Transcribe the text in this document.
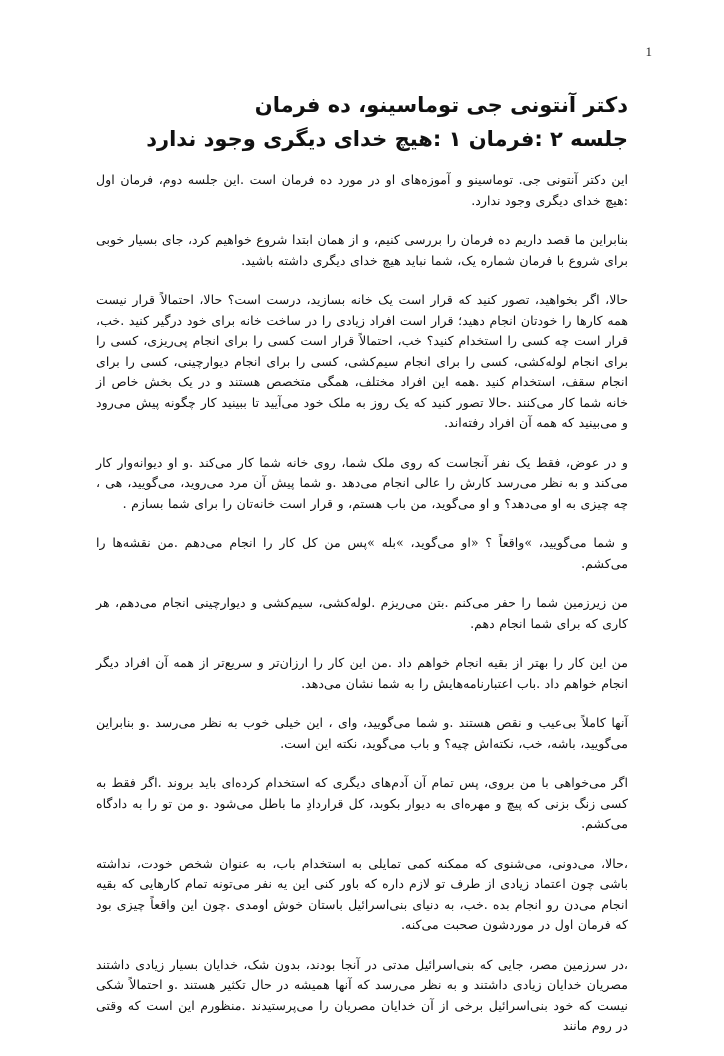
1
دکتر آنتونی جی توماسینو، ده فرمان
جلسه ۲ :فرمان ۱ :هیچ خدای دیگری وجود ندارد

این دکتر آنتونی جی. توماسینو و آموزه‌های او در مورد ده فرمان است .این جلسه دوم، فرمان اول :هیچ خدای دیگری وجود ندارد.

بنابراین ما قصد داریم ده فرمان را بررسی کنیم، و از همان ابتدا شروع خواهیم کرد، جای بسیار خوبی برای شروع با فرمان شماره یک، شما نباید هیچ خدای دیگری داشته باشید.

حالا، اگر بخواهید، تصور کنید که قرار است یک خانه بسازید، درست است؟ حالا، احتمالاً قرار نیست همه کارها را خودتان انجام دهید؛ قرار است افراد زیادی را در ساخت خانه برای خود درگیر کنید .خب، قرار است چه کسی را استخدام کنید؟ خب، احتمالاً قرار است کسی را برای انجام پی‌ریزی، کسی را برای انجام لوله‌کشی، کسی را برای انجام سیم‌کشی، کسی را برای انجام دیوارچینی، کسی را برای انجام سقف، استخدام کنید .همه این افراد مختلف، همگی متخصص هستند و در یک بخش خاص از خانه شما کار می‌کنند .حالا تصور کنید که یک روز به ملک خود می‌آیید تا ببینید کار چگونه پیش می‌رود و می‌بینید که همه آن افراد رفته‌اند.

و در عوض، فقط یک نفر آنجاست که روی ملک شما، روی خانه شما کار می‌کند .و او دیوانه‌وار کار می‌کند و به نظر می‌رسد کارش را عالی انجام می‌دهد .و شما پیش آن مرد می‌روید، می‌گویید، هی ، چه چیزی به او می‌دهد؟ و او می‌گوید، من باب هستم، و قرار است خانه‌تان را برای شما بسازم .

و شما می‌گویید، »واقعاً ؟ «او می‌گوید، »بله »پس من کل کار را انجام می‌دهم .من نقشه‌ها را می‌کشم.

من زیرزمین شما را حفر می‌کنم .بتن می‌ریزم .لوله‌کشی، سیم‌کشی و دیوارچینی انجام می‌دهم، هر کاری که برای شما انجام دهم.

من این کار را بهتر از بقیه انجام خواهم داد .من این کار را ارزان‌تر و سریع‌تر از همه آن افراد دیگر انجام خواهم داد .باب اعتبارنامه‌هایش را به شما نشان می‌دهد.

آنها کاملاً بی‌عیب و نقص هستند .و شما می‌گویید، وای ، این خیلی خوب به نظر می‌رسد .و بنابراین می‌گویید، باشه، خب، نکته‌اش چیه؟ و باب می‌گوید، نکته این است.

اگر می‌خواهی با من بروی، پس تمام آن آدم‌های دیگری که استخدام کرده‌ای باید بروند .اگر فقط به کسی زنگ بزنی که پیچ و مهره‌ای به دیوار بکوبد، کل قراردادِ ما باطل می‌شود .و من تو را به دادگاه می‌کشم.

،حالا، می‌دونی، می‌شنوی که ممکنه کمی تمایلی به استخدام باب، به عنوان شخص خودت، نداشته باشی چون اعتماد زیادی از طرف تو لازم داره که باور کنی این یه نفر می‌تونه تمام کارهایی که بقیه انجام می‌دن رو انجام بده .خب، به دنیای بنی‌اسرائیل باستان خوش اومدی .چون این واقعاً چیزی بود که فرمان اول در موردشون صحبت می‌کنه.

،در سرزمین مصر، جایی که بنی‌اسرائیل مدتی در آنجا بودند، بدون شک، خدایان بسیار زیادی داشتند مصریان خدایان زیادی داشتند و به نظر می‌رسد که آنها همیشه در حال تکثیر هستند .و احتمالاً شکی نیست که خود بنی‌اسرائیل برخی از آن خدایان مصریان را می‌پرستیدند .منظورم این است که وقتی در روم مانند
